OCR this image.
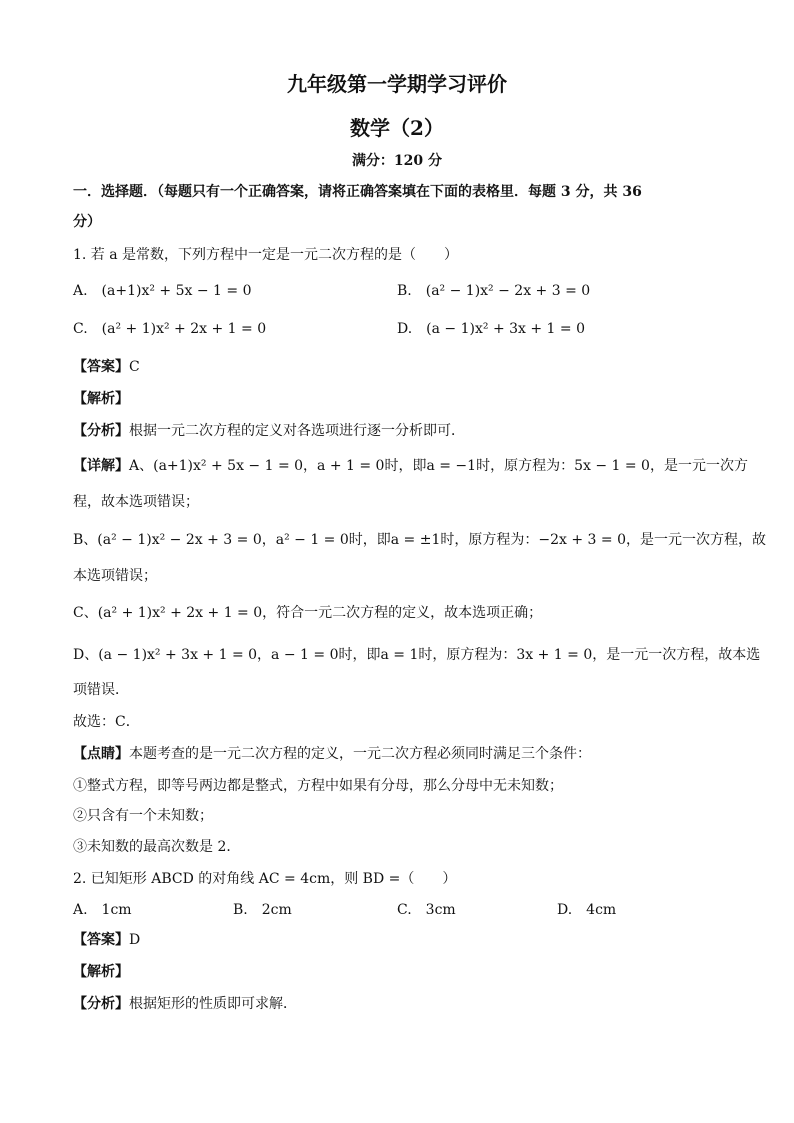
九年级第一学期学习评价
数学（2）
满分：120 分
一．选择题．（每题只有一个正确答案，请将正确答案填在下面的表格里．每题 3 分，共 36
分）
1. 若 a 是常数，下列方程中一定是一元二次方程的是（　　）
A.　(a+1)x² + 5x − 1 = 0	B.　(a² − 1)x² − 2x + 3 = 0
C.　(a² + 1)x² + 2x + 1 = 0	D.　(a − 1)x² + 3x + 1 = 0
【答案】C
【解析】
【分析】根据一元二次方程的定义对各选项进行逐一分析即可．
【详解】A、(a+1)x² + 5x − 1 = 0，a + 1 = 0时，即a = −1时，原方程为：5x − 1 = 0，是一元一次方
程，故本选项错误；
B、(a² − 1)x² − 2x + 3 = 0，a² − 1 = 0时，即a = ±1时，原方程为：−2x + 3 = 0，是一元一次方程，故
本选项错误；
C、(a² + 1)x² + 2x + 1 = 0，符合一元二次方程的定义，故本选项正确；
D、(a − 1)x² + 3x + 1 = 0，a − 1 = 0时，即a = 1时，原方程为：3x + 1 = 0，是一元一次方程，故本选
项错误．
故选：C．
【点睛】本题考查的是一元二次方程的定义，一元二次方程必须同时满足三个条件：
①整式方程，即等号两边都是整式，方程中如果有分母，那么分母中无未知数；
②只含有一个未知数；
③未知数的最高次数是 2．
2. 已知矩形 ABCD 的对角线 AC = 4cm，则 BD =（　　）
A.　1cm	B.　2cm	C.　3cm	D.　4cm
【答案】D
【解析】
【分析】根据矩形的性质即可求解．
